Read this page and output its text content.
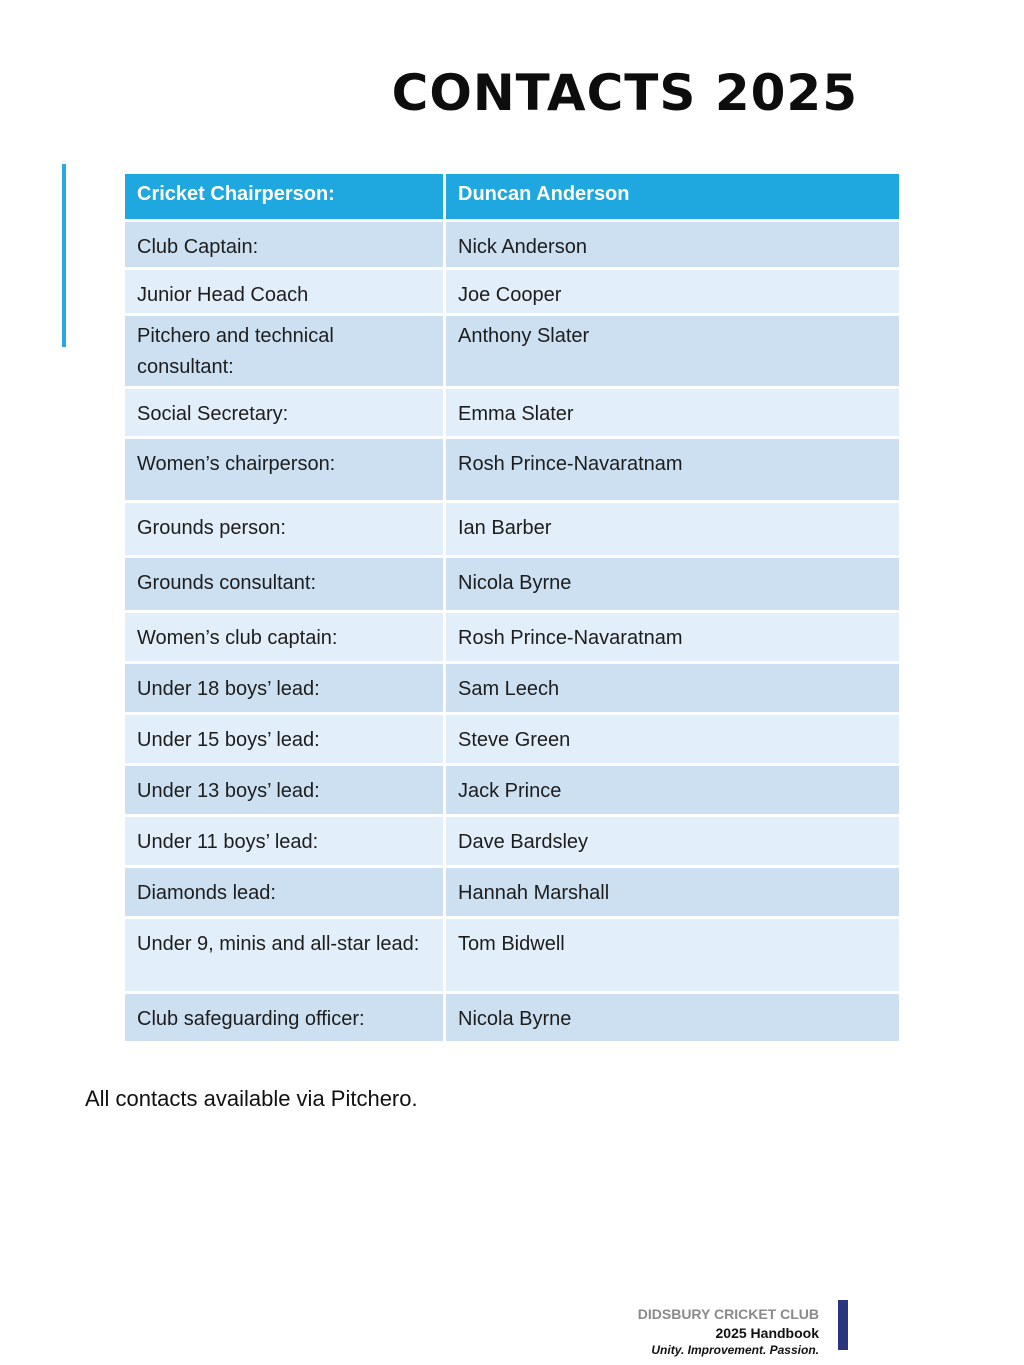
CONTACTS 2025
Cricket Chairperson:	Duncan Anderson
Club Captain:	Nick Anderson
Junior Head Coach	Joe Cooper
Pitchero and technical consultant:	Anthony Slater
Social Secretary:	Emma Slater
Women’s chairperson:	Rosh Prince-Navaratnam
Grounds person:	Ian Barber
Grounds consultant:	Nicola Byrne
Women’s club captain:	Rosh Prince-Navaratnam
Under 18 boys’ lead:	Sam Leech
Under 15 boys’ lead:	Steve Green
Under 13 boys’ lead:	Jack Prince
Under 11 boys’ lead:	Dave Bardsley
Diamonds lead:	Hannah Marshall
Under 9, minis and all-star lead:	Tom Bidwell
Club safeguarding officer:	Nicola Byrne

All contacts available via Pitchero.

DIDSBURY CRICKET CLUB
2025 Handbook
Unity. Improvement. Passion.
